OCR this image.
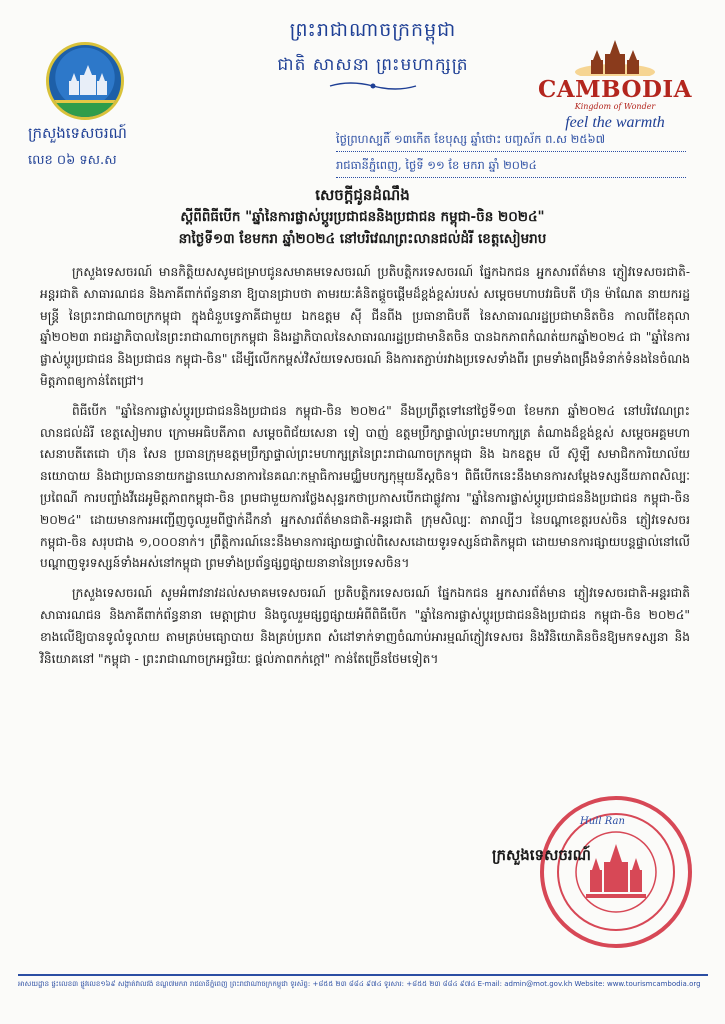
ព្រះរាជាណាចក្រកម្ពុជា
ជាតិ សាសនា ព្រះមហាក្សត្រ
CAMBODIA
Kingdom of Wonder
feel the warmth
ក្រសួងទេសចរណ៍
លេខ ០៦ ទស.ស
ថ្ងៃព្រហស្បតិ៍ ១៣កើត ខែបុស្ស ឆ្នាំថោះ បញ្ចស័ក ព.ស ២៥៦៧
រាជធានីភ្នំពេញ, ថ្ងៃទី ១១ ខែ មករា ឆ្នាំ ២០២៤
សេចក្តីជូនដំណឹង
ស្តីពីពិធីបើក "ឆ្នាំនៃការផ្លាស់ប្តូរប្រជាជននិងប្រជាជន កម្ពុជា-ចិន ២០២៤"
នាថ្ងៃទី១៣ ខែមករា ឆ្នាំ២០២៤ នៅបរិវេណព្រះលានជល់ដំរី ខេត្តសៀមរាប

ក្រសួងទេសចរណ៍ មានកិត្តិយសសូមជម្រាបជូនសមាគមទេសចរណ៍ ប្រតិបត្តិករទេសចរណ៍ ផ្នែកឯកជន អ្នកសារព័ត៌មាន ភ្ញៀវទេសចរជាតិ-អន្តរជាតិ សាធារណជន និងភាគីពាក់ព័ន្ធនានា ឱ្យបានជ្រាបថា តាមរយៈគំនិតផ្តួចផ្តើមដ៏ខ្ពង់ខ្ពស់របស់ សម្តេចមហាបវរធិបតី ហ៊ុន ម៉ាណែត នាយករដ្ឋមន្ត្រី នៃព្រះរាជាណាចក្រកម្ពុជា ក្នុងជំនួបទ្វេភាគីជាមួយ ឯកឧត្តម ស៊ី ជីនពីង ប្រធានាធិបតី នៃសាធារណរដ្ឋប្រជាមានិតចិន កាលពីខែតុលា ឆ្នាំ២០២៣ រាជរដ្ឋាភិបាលនៃព្រះរាជាណាចក្រកម្ពុជា និងរដ្ឋាភិបាលនៃសាធារណរដ្ឋប្រជាមានិតចិន បានឯកភាពកំណត់យកឆ្នាំ២០២៤ ជា "ឆ្នាំនៃការផ្លាស់ប្តូរប្រជាជន និងប្រជាជន កម្ពុជា-ចិន" ដើម្បីលើកកម្ពស់វិស័យទេសចរណ៍ និងការតភ្ជាប់រវាងប្រទេសទាំងពីរ ព្រមទាំងពង្រឹងទំនាក់ទំនងនៃចំណងមិត្តភាពឲ្យកាន់តែជ្រៅ។

ពិធីបើក "ឆ្នាំនៃការផ្លាស់ប្តូរប្រជាជននិងប្រជាជន កម្ពុជា-ចិន ២០២៤" នឹងប្រព្រឹត្តទៅនៅថ្ងៃទី១៣ ខែមករា ឆ្នាំ២០២៤ នៅបរិវេណព្រះលានជល់ដំរី ខេត្តសៀមរាប ក្រោមអធិបតីភាព សម្តេចពិជ័យសេនា ទៀ បាញ់ ឧត្តមប្រឹក្សាផ្ទាល់ព្រះមហាក្សត្រ តំណាងដ៏ខ្ពង់ខ្ពស់ សម្តេចអគ្គមហាសេនាបតីតេជោ ហ៊ុន សែន ប្រធានក្រុមឧត្តមប្រឹក្សាផ្ទាល់ព្រះមហាក្សត្រនៃព្រះរាជាណាចក្រកម្ពុជា និង ឯកឧត្តម លី ស៊ូឡឺ សមាជិកការិយាល័យនយោបាយ និងជាប្រធាននាយកដ្ឋានឃោសនាការនៃគណៈកម្មាធិការមជ្ឈិមបក្សកុម្មុយនីស្តចិន។ ពិធីបើកនេះនឹងមានការសម្តែងទស្សនីយភាពសិល្បៈប្រពៃណី ការបញ្ចាំងវីដេអូមិត្តភាពកម្ពុជា-ចិន ព្រមជាមួយការថ្លែងសុន្ទរកថាប្រកាសបើកជាផ្លូវការ "ឆ្នាំនៃការផ្លាស់ប្តូរប្រជាជននិងប្រជាជន កម្ពុជា-ចិន ២០២៤" ដោយមានការអញ្ជើញចូលរួមពីថ្នាក់ដឹកនាំ អ្នកសារព័ត៌មានជាតិ-អន្តរជាតិ ក្រុមសិល្បៈ តារាល្បីៗ នៃបណ្តាខេត្តរបស់ចិន ភ្ញៀវទេសចរ កម្ពុជា-ចិន សរុបជាង ១,០០០នាក់។ ព្រឹត្តិការណ៍នេះនឹងមានការផ្សាយផ្ទាល់ពិសេសដោយទូរទស្សន៍ជាតិកម្ពុជា ដោយមានការផ្សាយបន្តផ្ទាល់នៅលើបណ្តាញទូរទស្សន៍ទាំងអស់នៅកម្ពុជា ព្រមទាំងប្រព័ន្ធផ្សព្វផ្សាយនានានៃប្រទេសចិន។

ក្រសួងទេសចរណ៍ សូមអំពាវនាវដល់សមាគមទេសចរណ៍ ប្រតិបត្តិករទេសចរណ៍ ផ្នែកឯកជន អ្នកសារព័ត៌មាន ភ្ញៀវទេសចរជាតិ-អន្តរជាតិ សាធារណជន និងភាគីពាក់ព័ន្ធនានា មេត្តាជ្រាប និងចូលរួមផ្សព្វផ្សាយអំពីពិធីបើក "ឆ្នាំនៃការផ្លាស់ប្តូរប្រជាជននិងប្រជាជន កម្ពុជា-ចិន ២០២៤" ខាងលើឱ្យបានទូលំទូលាយ តាមគ្រប់មធ្យោបាយ និងគ្រប់ប្រភព សំដៅទាក់ទាញចំណាប់អារម្មណ៍ភ្ញៀវទេសចរ និងវិនិយោគិនចិនឱ្យមកទស្សនា និងវិនិយោគនៅ "កម្ពុជា - ព្រះរាជាណាចក្រអច្ឆរិយៈ ផ្តល់ភាពកក់ក្តៅ" កាន់តែច្រើនថែមទៀត។

Hull Ran
ក្រសួងទេសចរណ៍
អាសយដ្ឋាន ផ្ទះលេខ៣ ផ្លូវលេខ១៦៩ សង្កាត់វាលវង់ ខណ្ឌ៧មករា រាជធានីភ្នំពេញ ព្រះរាជាណាចក្រកម្ពុជា ទូរស័ព្ទ: +៨៥៥ ២៣ ៨៨៤ ៩៧៤ ទូរសារ: +៨៥៥ ២៣ ៨៨៤ ៩៧៤ E-mail: admin@mot.gov.kh Website: www.tourismcambodia.org
